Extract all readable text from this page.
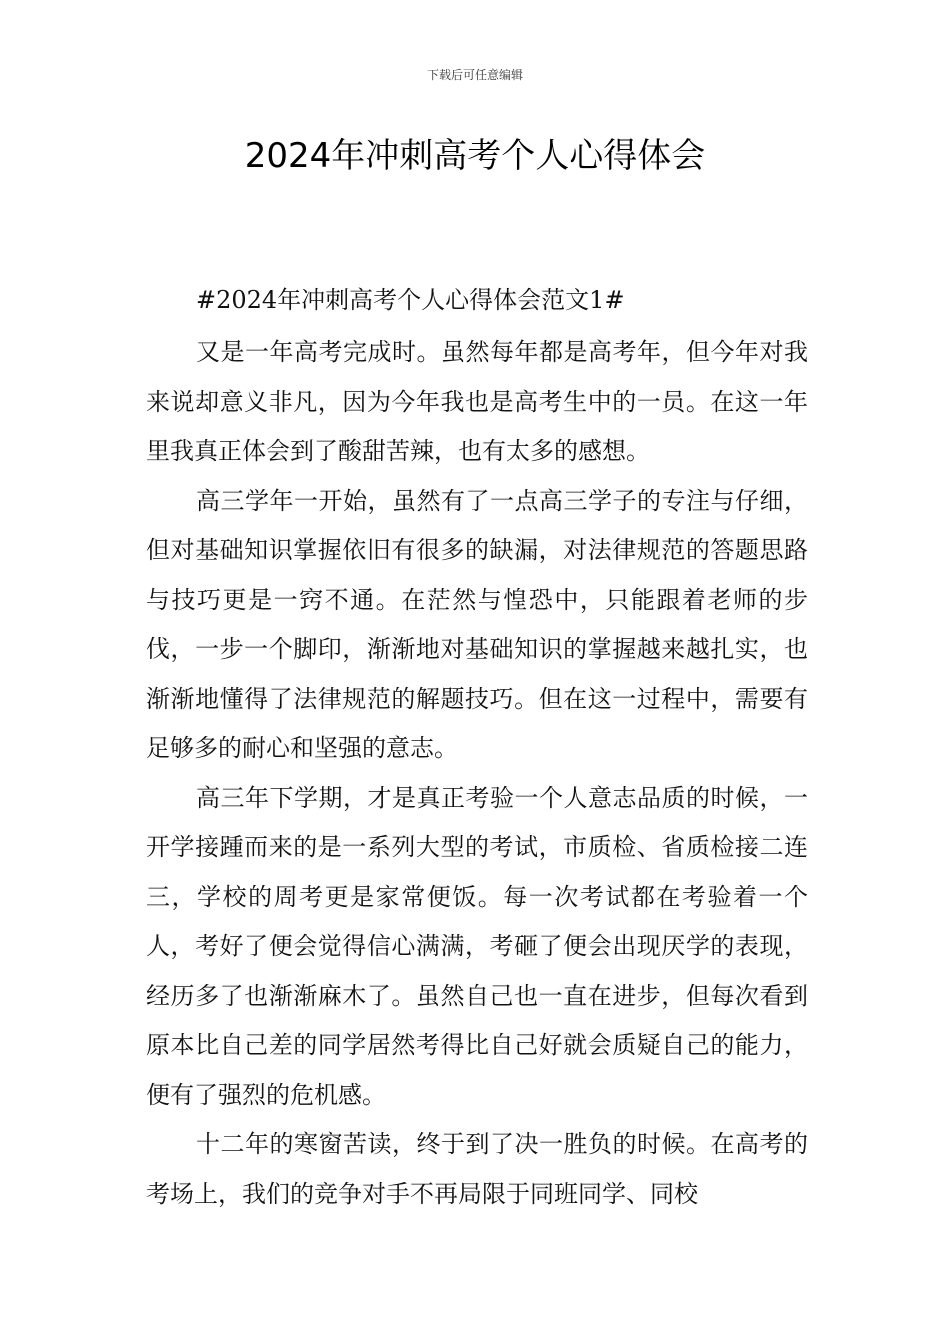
下载后可任意编辑
2024年冲刺高考个人心得体会

#2024年冲刺高考个人心得体会范文1#

又是一年高考完成时。虽然每年都是高考年，但今年对我来说却意义非凡，因为今年我也是高考生中的一员。在这一年里我真正体会到了酸甜苦辣，也有太多的感想。

高三学年一开始，虽然有了一点高三学子的专注与仔细，但对基础知识掌握依旧有很多的缺漏，对法律规范的答题思路与技巧更是一窍不通。在茫然与惶恐中，只能跟着老师的步伐，一步一个脚印，渐渐地对基础知识的掌握越来越扎实，也渐渐地懂得了法律规范的解题技巧。但在这一过程中，需要有足够多的耐心和坚强的意志。

高三年下学期，才是真正考验一个人意志品质的时候，一开学接踵而来的是一系列大型的考试，市质检、省质检接二连三，学校的周考更是家常便饭。每一次考试都在考验着一个人，考好了便会觉得信心满满，考砸了便会出现厌学的表现，经历多了也渐渐麻木了。虽然自己也一直在进步，但每次看到原本比自己差的同学居然考得比自己好就会质疑自己的能力，便有了强烈的危机感。

十二年的寒窗苦读，终于到了决一胜负的时候。在高考的考场上，我们的竞争对手不再局限于同班同学、同校
